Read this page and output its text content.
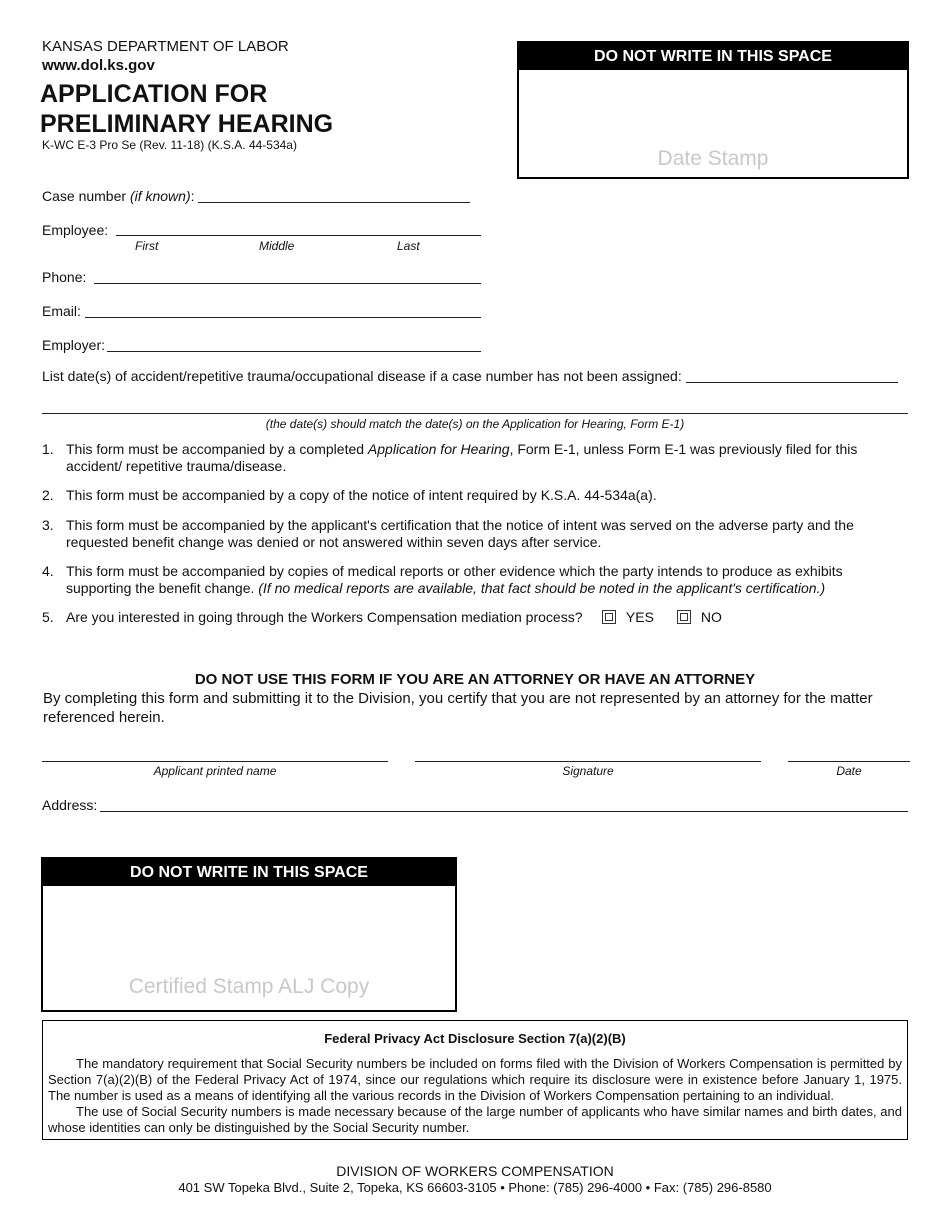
KANSAS DEPARTMENT OF LABOR
www.dol.ks.gov
APPLICATION FOR
PRELIMINARY HEARING
K-WC E-3 Pro Se (Rev. 11-18) (K.S.A. 44-534a)
DO NOT WRITE IN THIS SPACE
Date Stamp
Case number (if known):
Employee:
First	Middle	Last
Phone:
Email:
Employer:
List date(s) of accident/repetitive trauma/occupational disease if a case number has not been assigned:
(the date(s) should match the date(s) on the Application for Hearing, Form E-1)
1. This form must be accompanied by a completed Application for Hearing, Form E-1, unless Form E-1 was previously filed for this accident/ repetitive trauma/disease.
2. This form must be accompanied by a copy of the notice of intent required by K.S.A. 44-534a(a).
3. This form must be accompanied by the applicant's certification that the notice of intent was served on the adverse party and the requested benefit change was denied or not answered within seven days after service.
4. This form must be accompanied by copies of medical reports or other evidence which the party intends to produce as exhibits supporting the benefit change. (If no medical reports are available, that fact should be noted in the applicant's certification.)
5. Are you interested in going through the Workers Compensation mediation process?	YES	NO
DO NOT USE THIS FORM IF YOU ARE AN ATTORNEY OR HAVE AN ATTORNEY
By completing this form and submitting it to the Division, you certify that you are not represented by an attorney for the matter referenced herein.
Applicant printed name	Signature	Date
Address:
DO NOT WRITE IN THIS SPACE
Certified Stamp ALJ Copy
Federal Privacy Act Disclosure Section 7(a)(2)(B)

The mandatory requirement that Social Security numbers be included on forms filed with the Division of Workers Compensation is permitted by Section 7(a)(2)(B) of the Federal Privacy Act of 1974, since our regulations which require its disclosure were in existence before January 1, 1975. The number is used as a means of identifying all the various records in the Division of Workers Compensation pertaining to an individual.

The use of Social Security numbers is made necessary because of the large number of applicants who have similar names and birth dates, and whose identities can only be distinguished by the Social Security number.

DIVISION OF WORKERS COMPENSATION
401 SW Topeka Blvd., Suite 2, Topeka, KS 66603-3105 • Phone: (785) 296-4000 • Fax: (785) 296-8580
